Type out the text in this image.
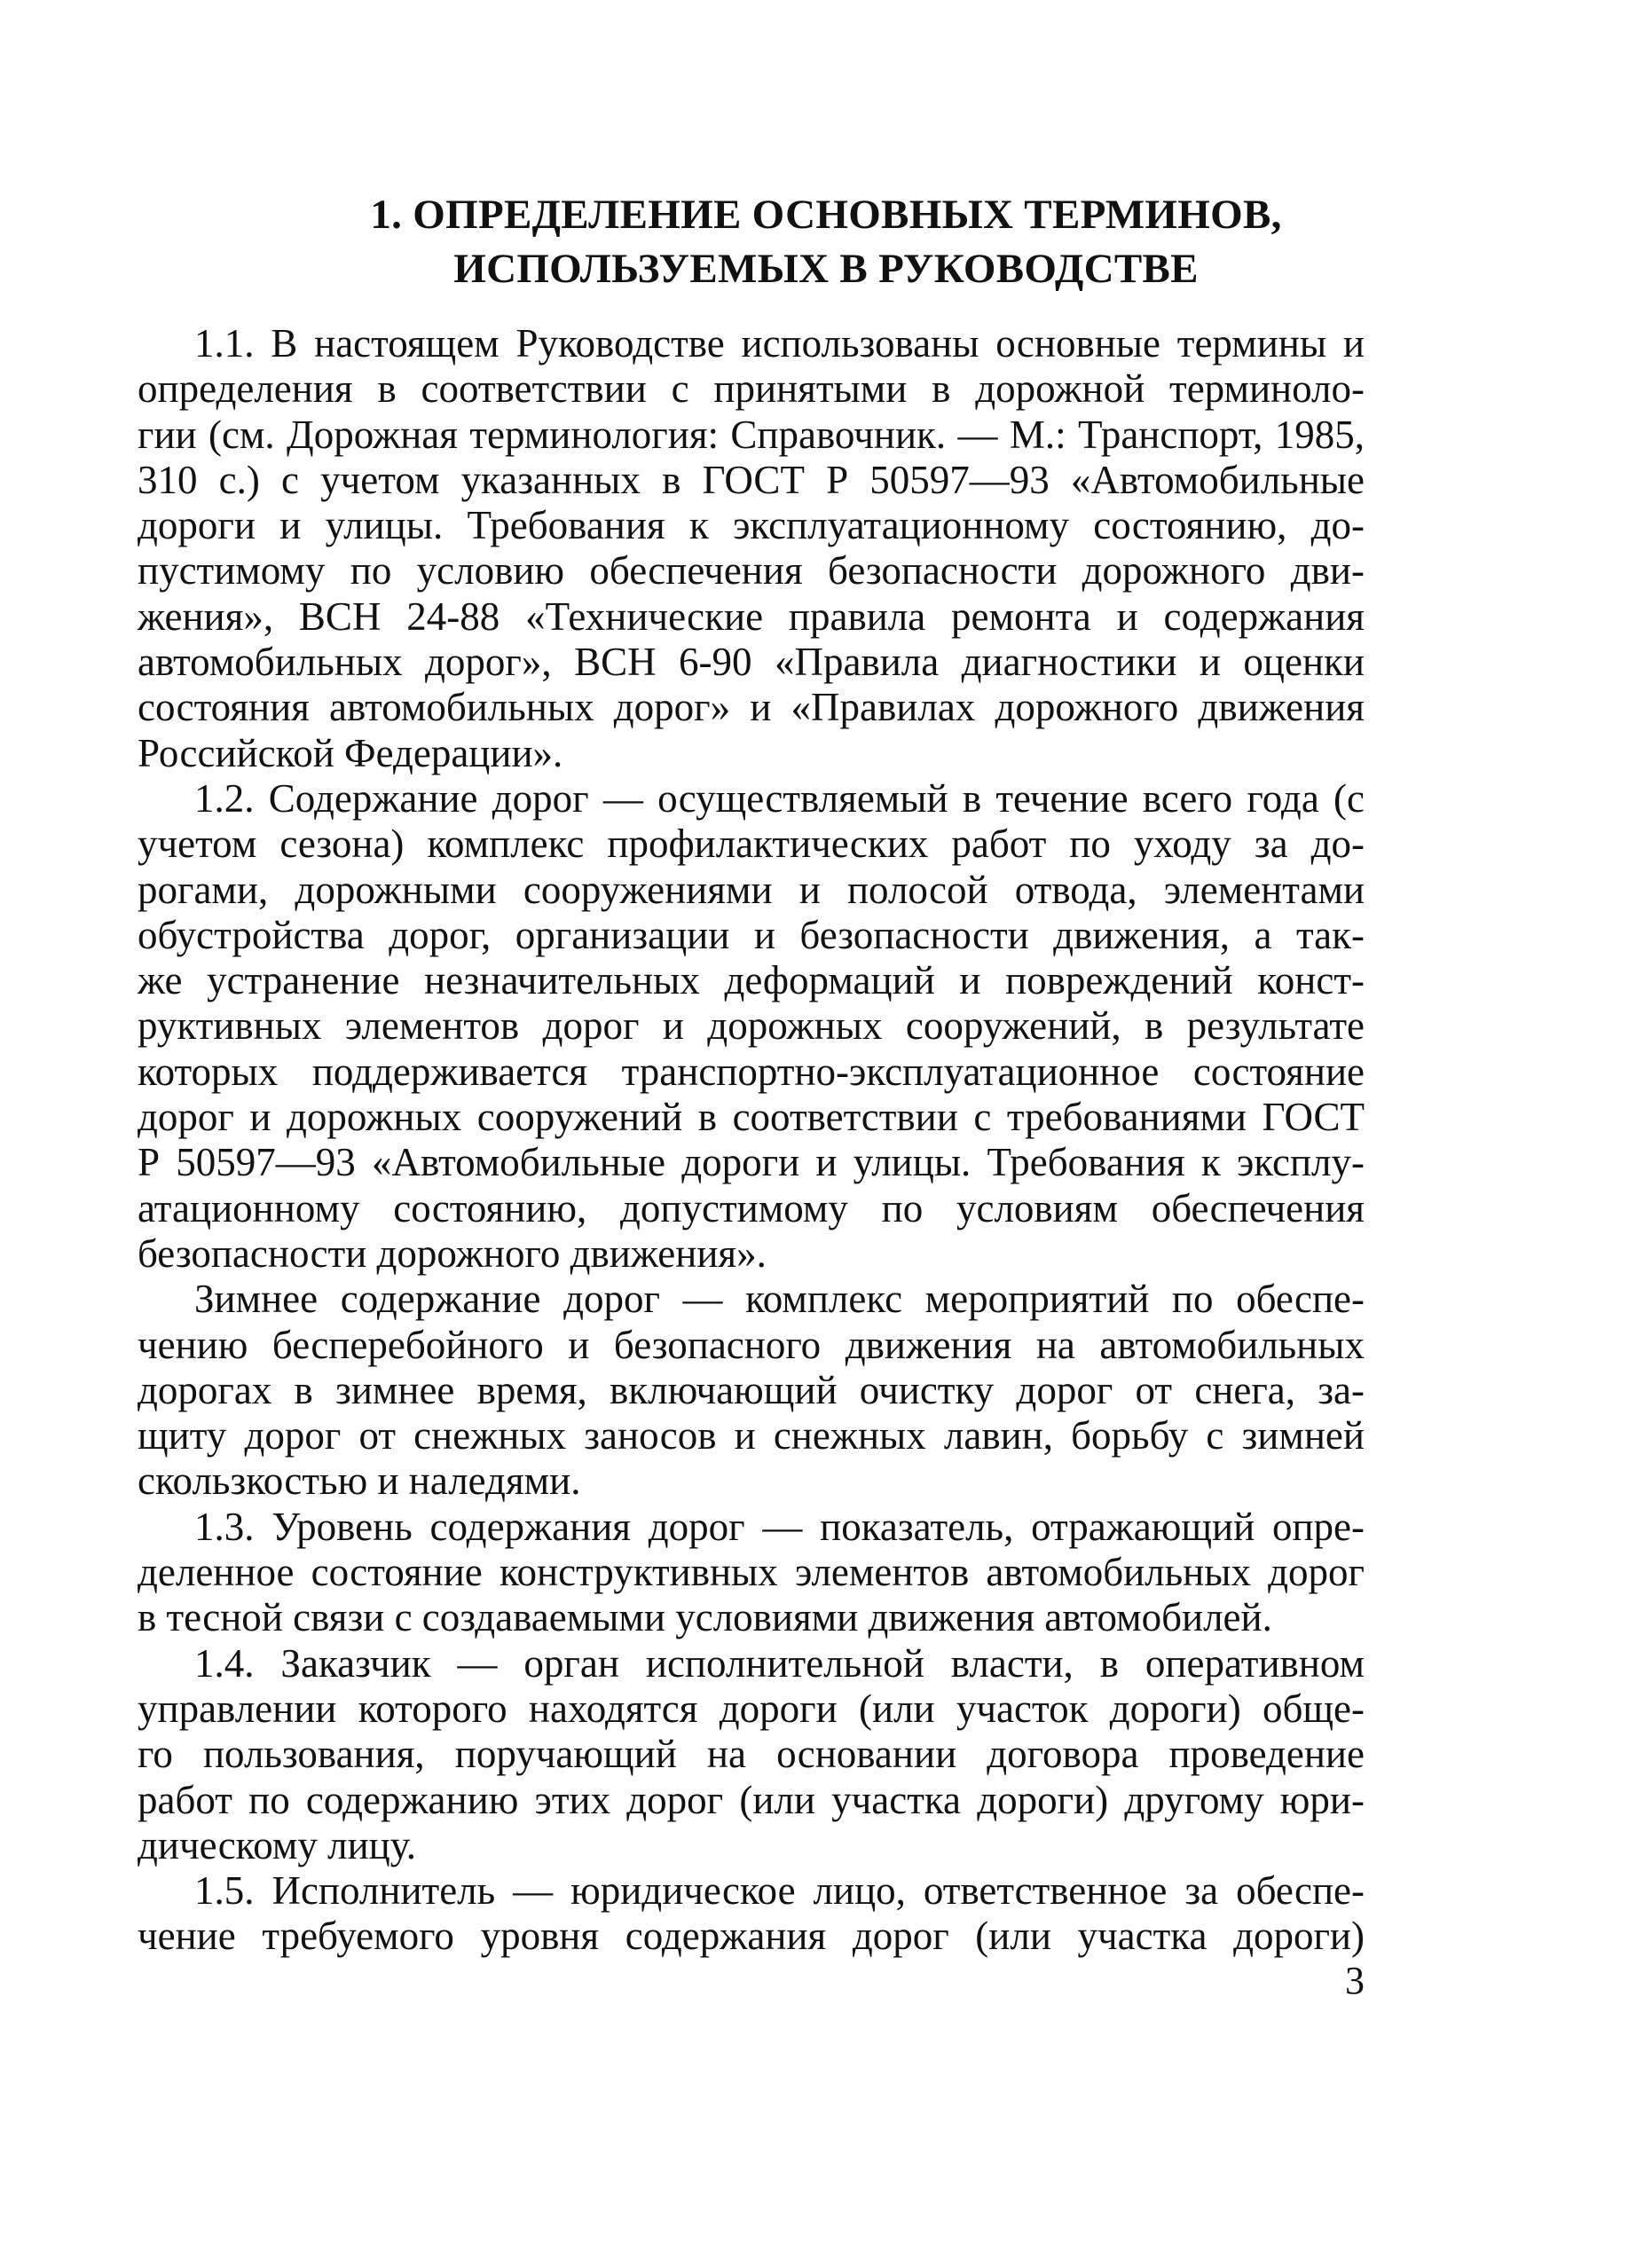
1. ОПРЕДЕЛЕНИЕ ОСНОВНЫХ ТЕРМИНОВ,
ИСПОЛЬЗУЕМЫХ В РУКОВОДСТВЕ

1.1. В настоящем Руководстве использованы основные термины и
определения в соответствии с принятыми в дорожной терминоло-
гии (см. Дорожная терминология: Справочник. — М.: Транспорт, 1985,
310 с.) с учетом указанных в ГОСТ Р 50597—93 «Автомобильные
дороги и улицы. Требования к эксплуатационному состоянию, до-
пустимому по условию обеспечения безопасности дорожного дви-
жения», ВСН 24-88 «Технические правила ремонта и содержания
автомобильных дорог», ВСН 6-90 «Правила диагностики и оценки
состояния автомобильных дорог» и «Правилах дорожного движения
Российской Федерации».

1.2. Содержание дорог — осуществляемый в течение всего года (с
учетом сезона) комплекс профилактических работ по уходу за до-
рогами, дорожными сооружениями и полосой отвода, элементами
обустройства дорог, организации и безопасности движения, а так-
же устранение незначительных деформаций и повреждений конст-
руктивных элементов дорог и дорожных сооружений, в результате
которых поддерживается транспортно-эксплуатационное состояние
дорог и дорожных сооружений в соответствии с требованиями ГОСТ
Р 50597—93 «Автомобильные дороги и улицы. Требования к эксплу-
атационному состоянию, допустимому по условиям обеспечения
безопасности дорожного движения».

Зимнее содержание дорог — комплекс мероприятий по обеспе-
чению бесперебойного и безопасного движения на автомобильных
дорогах в зимнее время, включающий очистку дорог от снега, за-
щиту дорог от снежных заносов и снежных лавин, борьбу с зимней
скользкостью и наледями.

1.3. Уровень содержания дорог — показатель, отражающий опре-
деленное состояние конструктивных элементов автомобильных дорог
в тесной связи с создаваемыми условиями движения автомобилей.

1.4. Заказчик — орган исполнительной власти, в оперативном
управлении которого находятся дороги (или участок дороги) обще-
го пользования, поручающий на основании договора проведение
работ по содержанию этих дорог (или участка дороги) другому юри-
дическому лицу.

1.5. Исполнитель — юридическое лицо, ответственное за обеспе-
чение требуемого уровня содержания дорог (или участка дороги)

3
